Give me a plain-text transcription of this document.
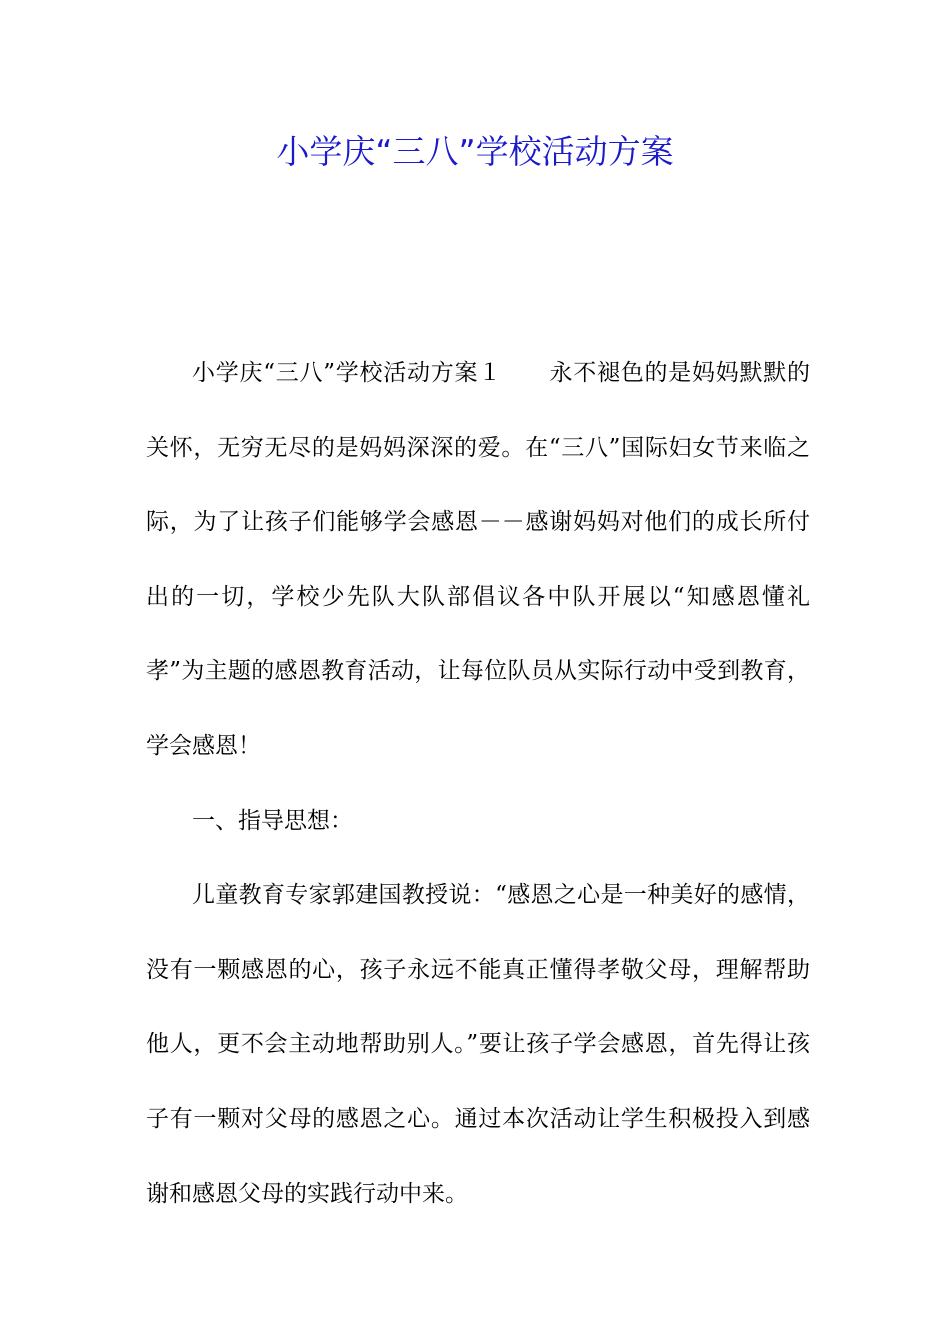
小学庆“三八”学校活动方案

小学庆“三八”学校活动方案１　　永不褪色的是妈妈默默的关怀，无穷无尽的是妈妈深深的爱。在“三八”国际妇女节来临之际，为了让孩子们能够学会感恩－－感谢妈妈对他们的成长所付出的一切，学校少先队大队部倡议各中队开展以“知感恩懂礼孝”为主题的感恩教育活动，让每位队员从实际行动中受到教育，学会感恩！

一、指导思想：

儿童教育专家郭建国教授说：“感恩之心是一种美好的感情，没有一颗感恩的心，孩子永远不能真正懂得孝敬父母，理解帮助他人，更不会主动地帮助别人。”要让孩子学会感恩，首先得让孩子有一颗对父母的感恩之心。通过本次活动让学生积极投入到感谢和感恩父母的实践行动中来。
